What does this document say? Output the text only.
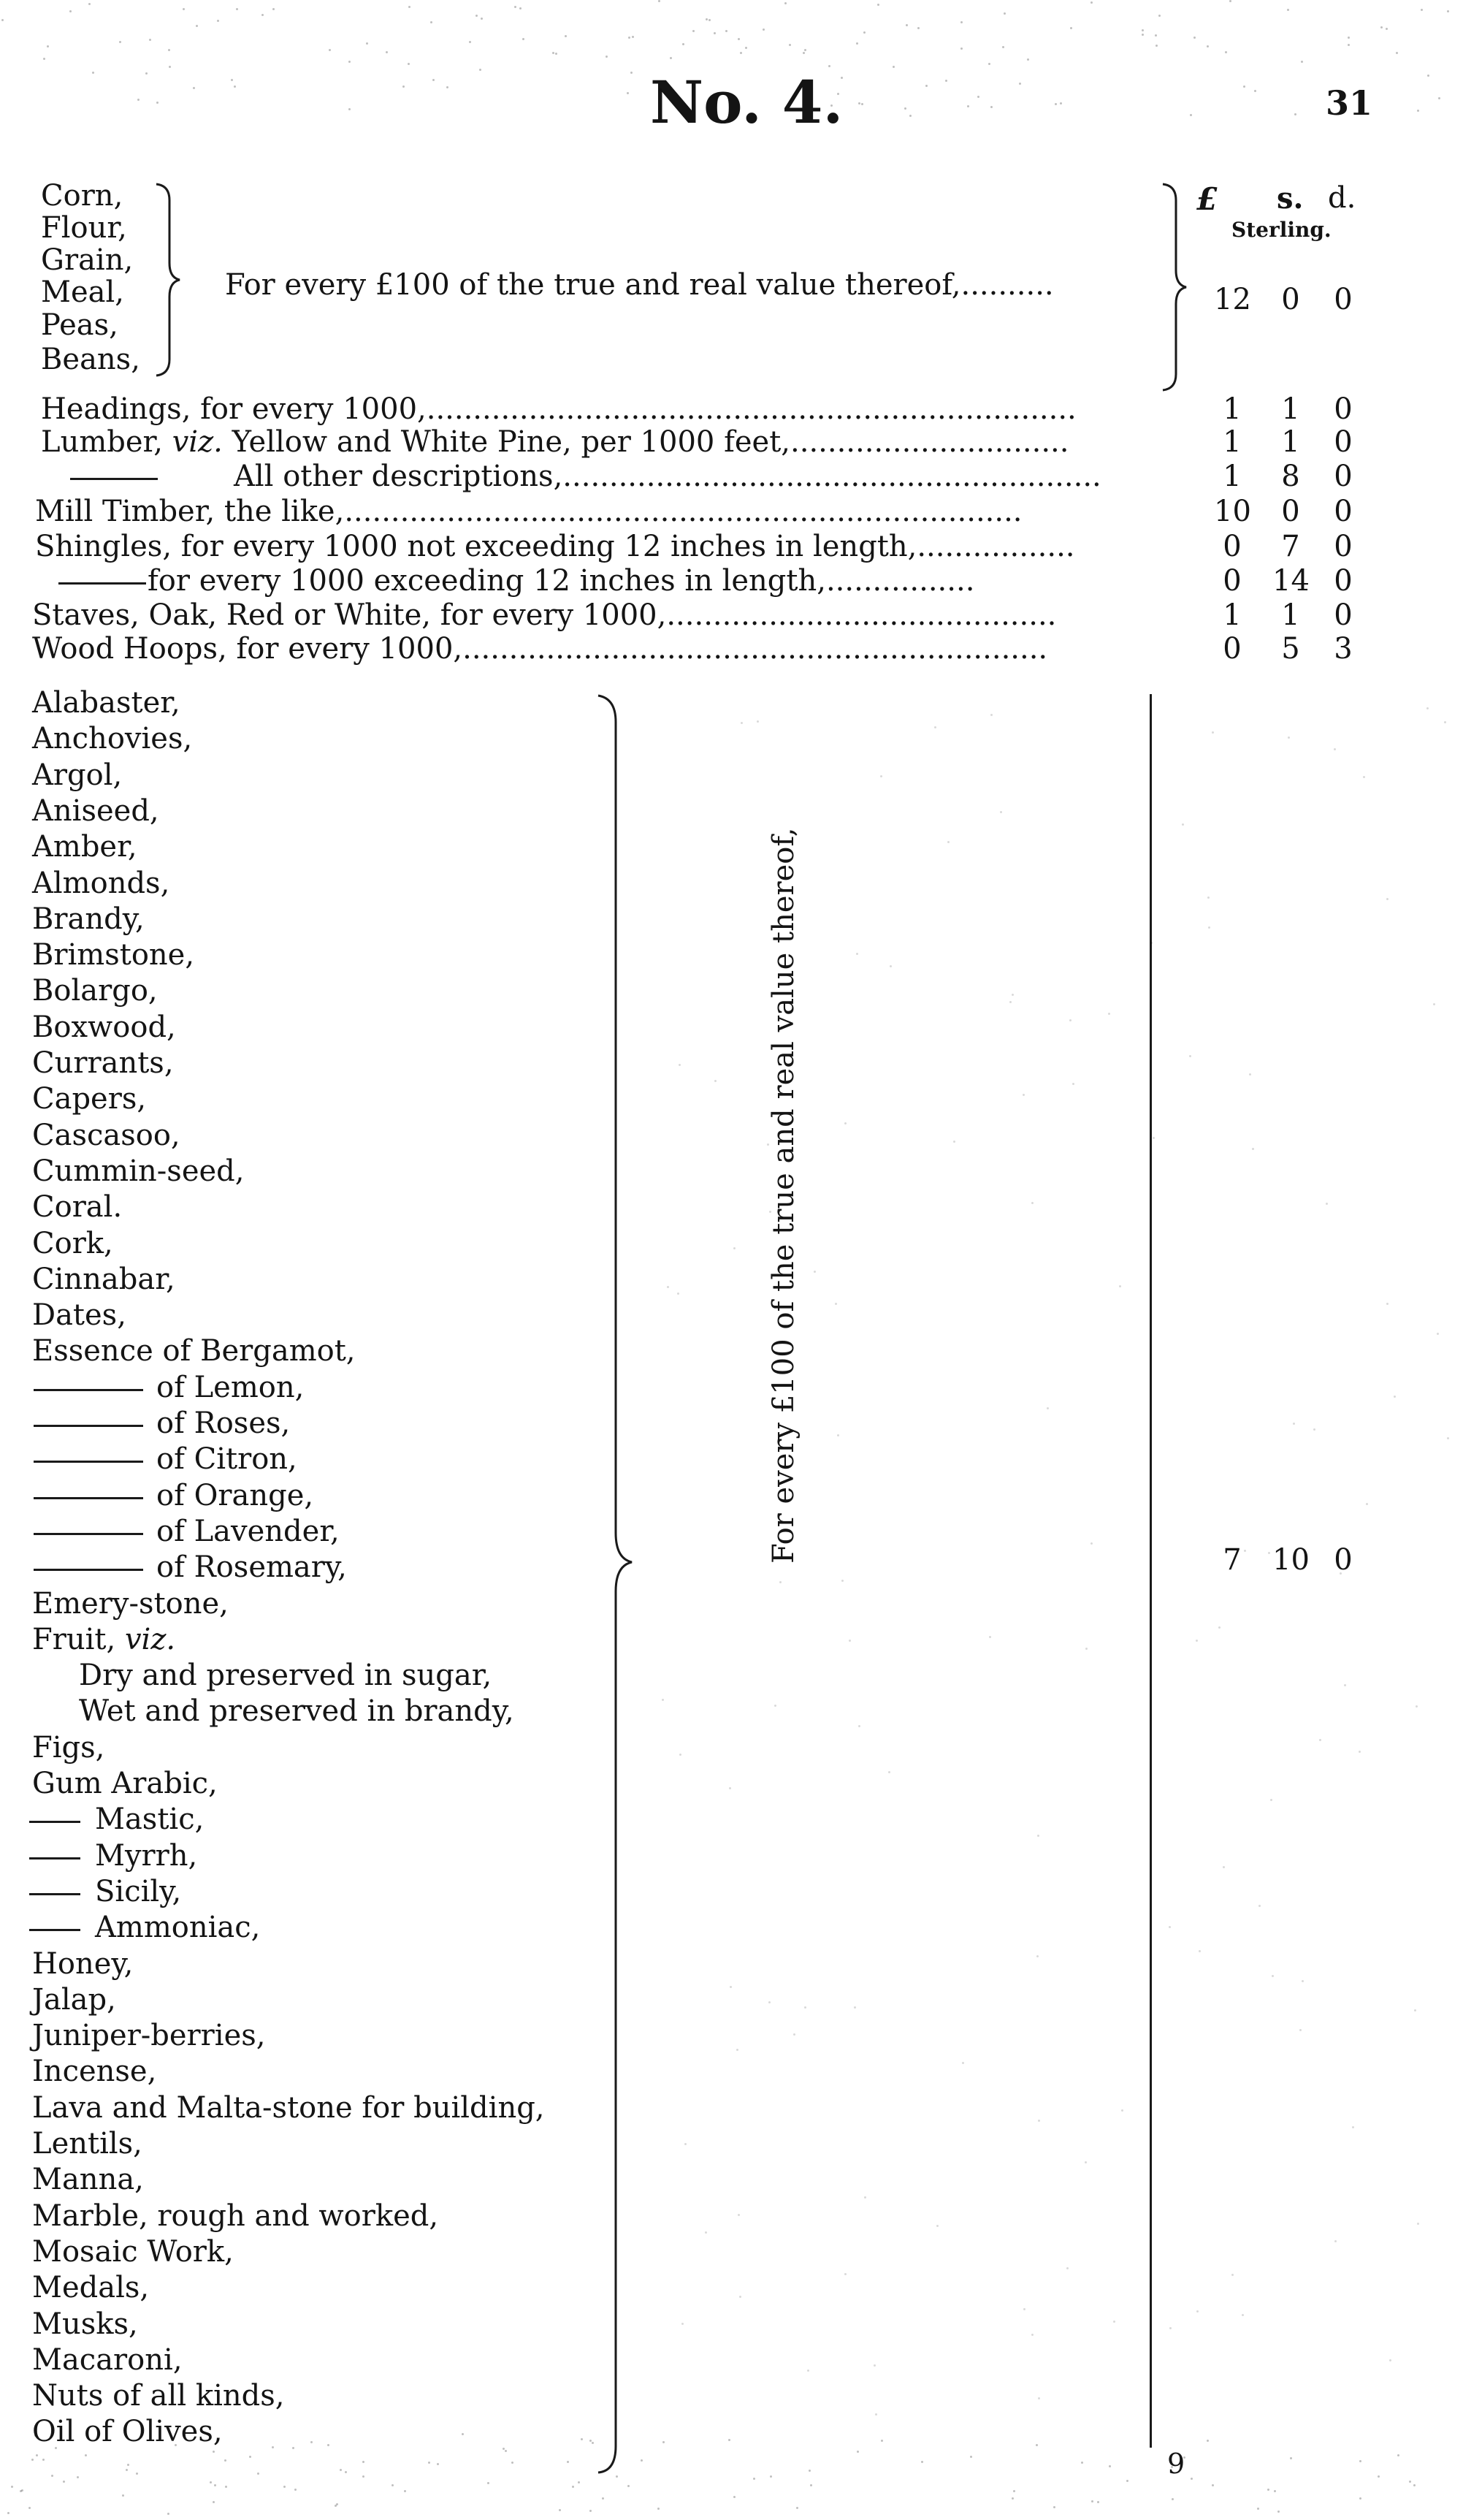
No. 4.	31
£ s. d.
Sterling.
Corn,
Flour,
Grain,
Meal,
Peas,
Beans,
For every £100 of the true and real value thereof,..........	12	0	0
Headings, for every 1000,......................................................................	1	1	0
Lumber, viz. Yellow and White Pine, per 1000 feet,..............................	1	1	0
All other descriptions,..........................................................	1	8	0
Mill Timber, the like,.........................................................................	10	0	0
Shingles, for every 1000 not exceeding 12 inches in length,.................	0	7	0
for every 1000 exceeding 12 inches in length,................	0	14 0
Staves, Oak, Red or White, for every 1000,..........................................	1	1	0
Wood Hoops, for every 1000,...............................................................	0	5	3
Alabaster,
Anchovies,
Argol,
Aniseed,
Amber,
Almonds,
Brandy,
Brimstone,
Bolargo,
Boxwood,
Currants,
Capers,
Cascasoo,
Cummin-seed,
Coral.
Cork,
Cinnabar,
Dates,
Essence of Bergamot,
of Lemon,
of Roses,
of Citron,
of Orange,
of Lavender,
of Rosemary,
Emery-stone,
Fruit, viz.
Dry and preserved in sugar,
Wet and preserved in brandy,
Figs,
Gum Arabic,
Mastic,
Myrrh,
Sicily,
Ammoniac,
Honey,
Jalap,
Juniper-berries,
Incense,
Lava and Malta-stone for building,
Lentils,
Manna,
Marble, rough and worked,
Mosaic Work,
Medals,
Musks,
Macaroni,
Nuts of all kinds,
Oil of Olives,
For every £100 of the true and real value thereof,	7	10 0
9
